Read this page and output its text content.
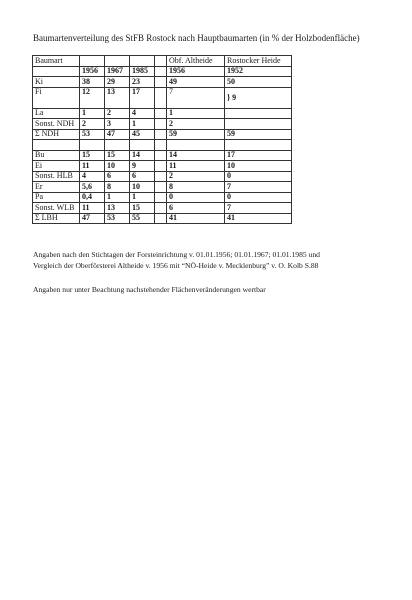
Baumartenverteilung des StFB Rostock nach Hauptbaumarten (in % der Holzbodenfläche)
Baumart					Obf. Altheide	Rostocker Heide
	1956	1967	1985		1956	1952
Ki	38	29	23		49	50
Fi	12	13	17		7	} 9

La	1	2	4		1	
Sonst. NDH	2	3	1		2	
Σ NDH	53	47	45		59	59

Bu	15	15	14		14	17
Ei	11	10	9		11	10
Sonst. HLB	4	6	6		2	0
Er	5,6	8	10		8	7
Pa	0,4	1	1		0	0
Sonst. WLB	11	13	15		6	7
Σ LBH	47	53	55		41	41
Angaben nach den Stichtagen der Forsteinrichtung v. 01.01.1956; 01.01.1967; 01.01.1985 und
Vergleich der Oberförsterei Altheide v. 1956 mit “NÖ-Heide v. Mecklenburg” v. O. Kolb S.88
Angaben nur unter Beachtung nachstehender Flächenveränderungen wertbar
